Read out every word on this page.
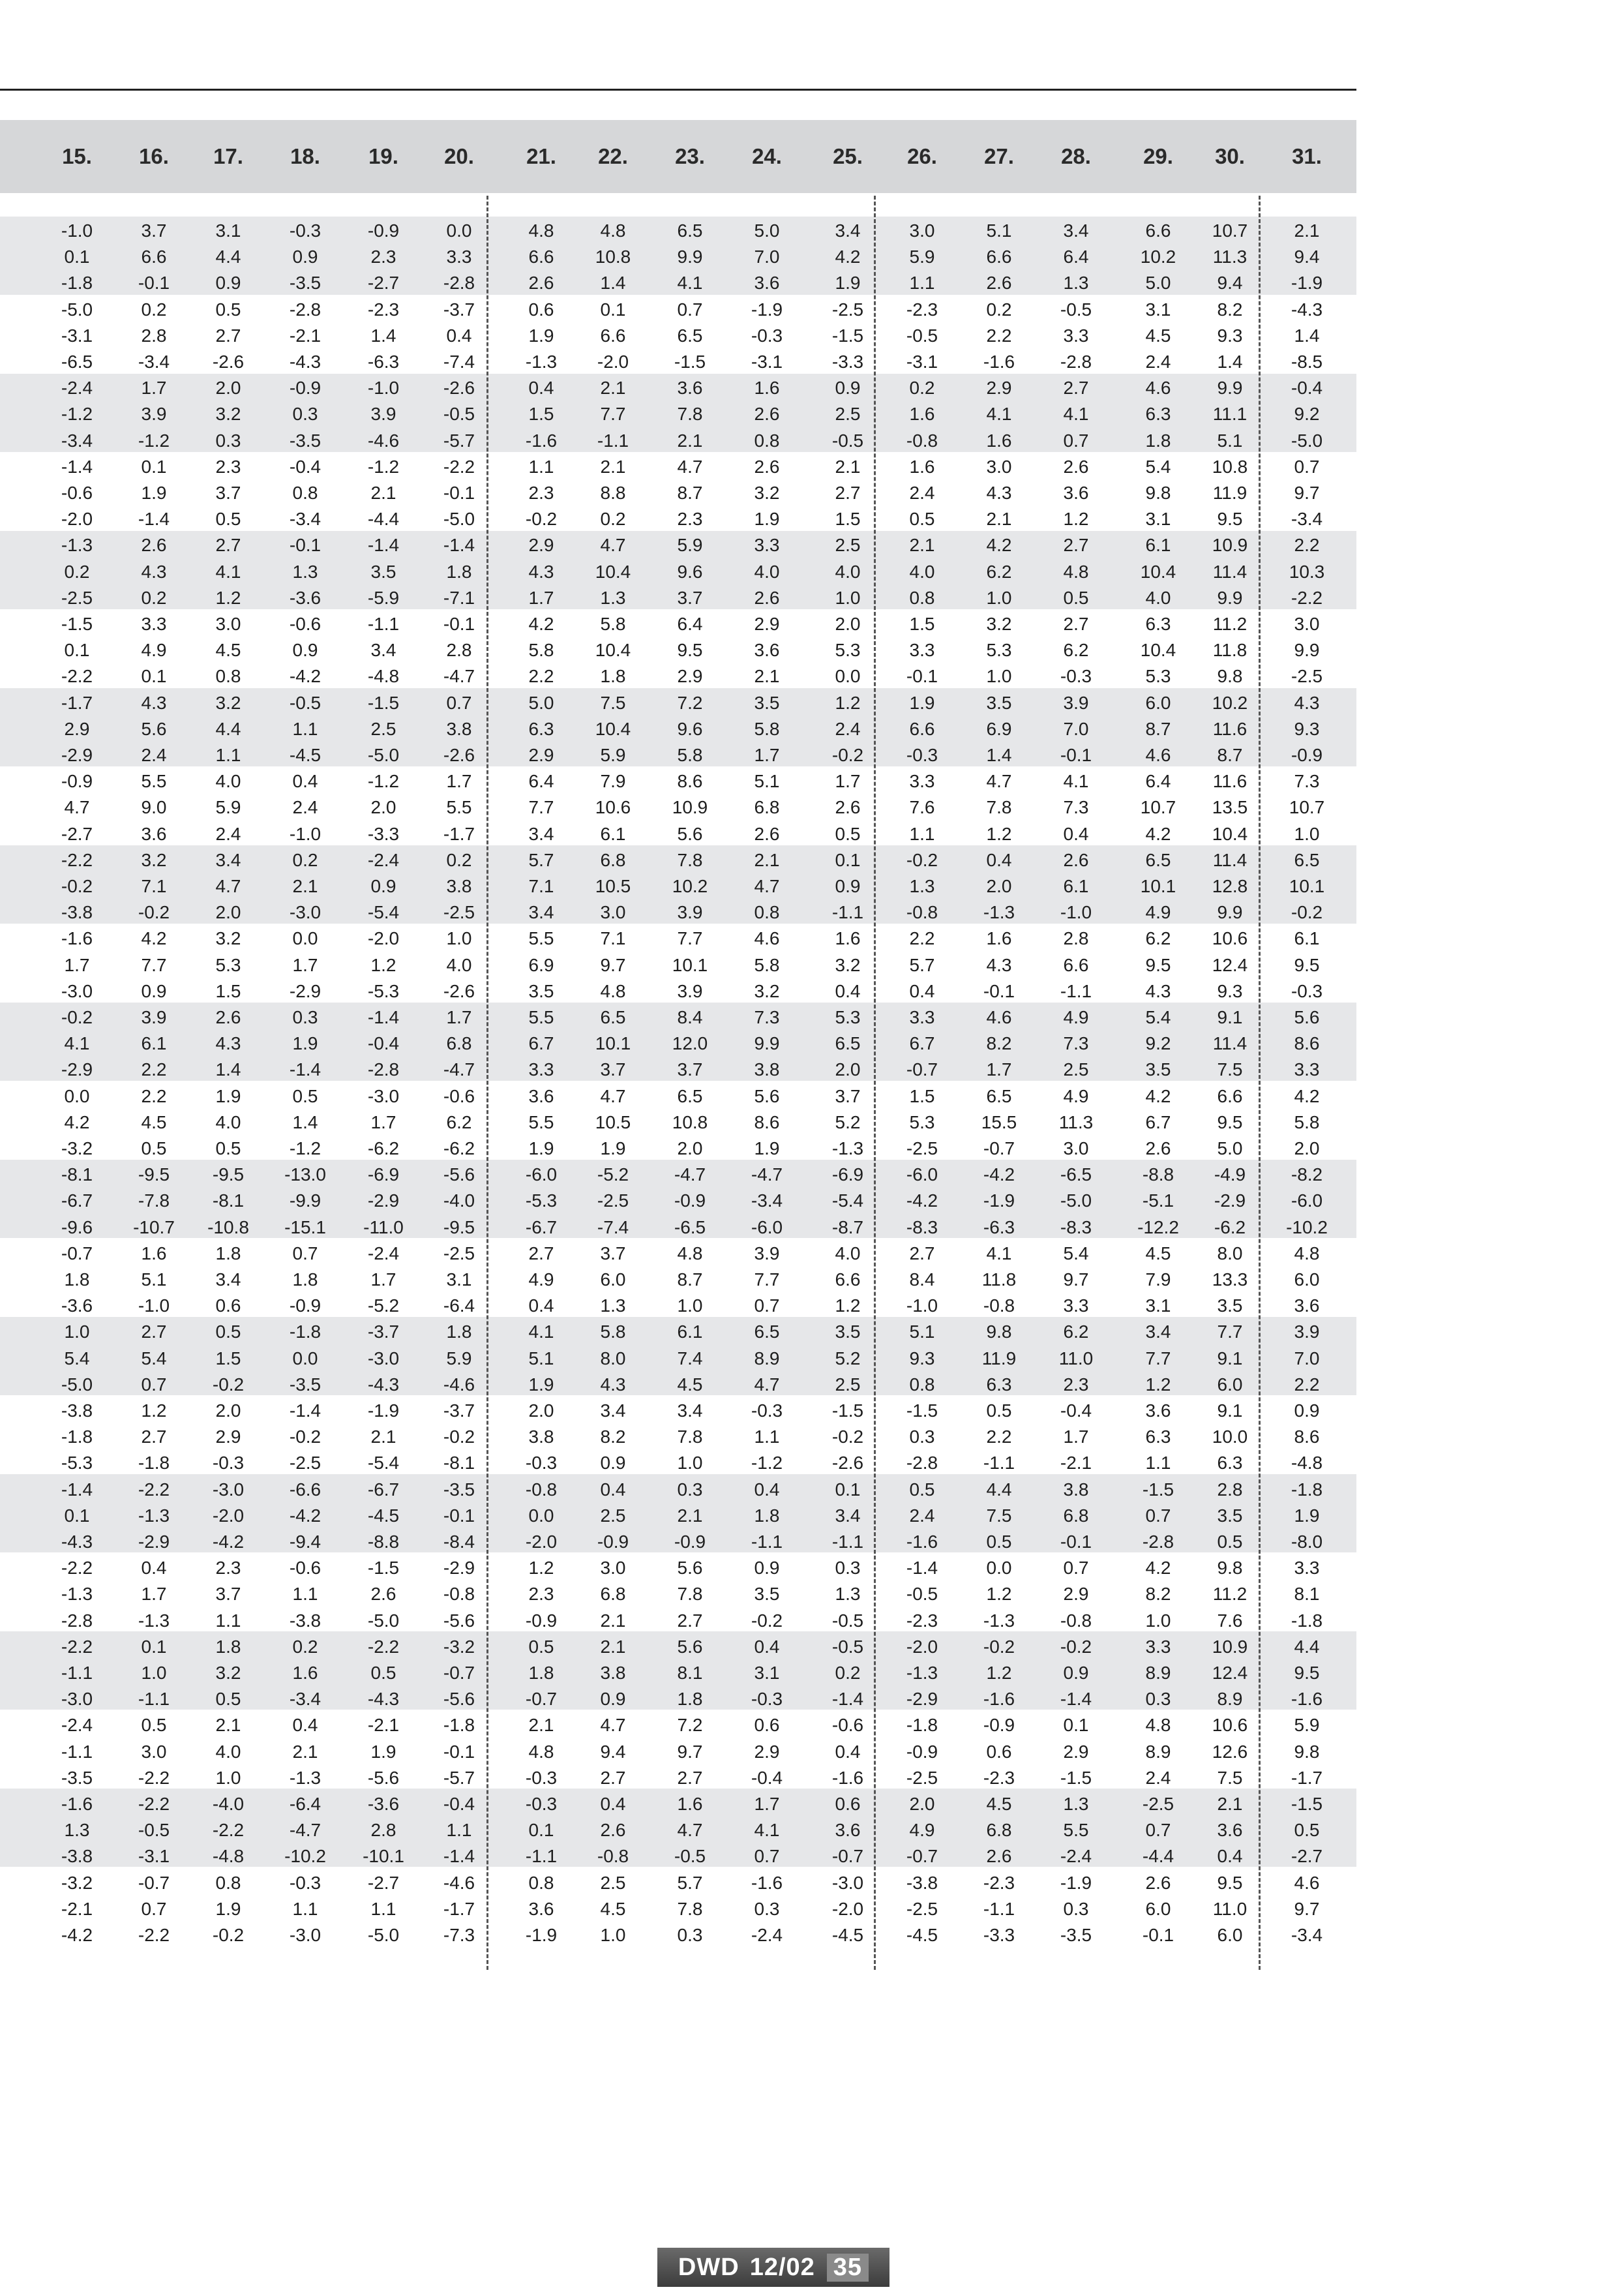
15.	16.	17.	18.	19.	20.	21.	22.	23.	24.	25.	26.	27.	28.	29.	30.	31.
-1.0	3.7	3.1	-0.3	-0.9	0.0	4.8	4.8	6.5	5.0	3.4	3.0	5.1	3.4	6.6	10.7	2.1
0.1	6.6	4.4	0.9	2.3	3.3	6.6	10.8	9.9	7.0	4.2	5.9	6.6	6.4	10.2	11.3	9.4
-1.8	-0.1	0.9	-3.5	-2.7	-2.8	2.6	1.4	4.1	3.6	1.9	1.1	2.6	1.3	5.0	9.4	-1.9
-5.0	0.2	0.5	-2.8	-2.3	-3.7	0.6	0.1	0.7	-1.9	-2.5	-2.3	0.2	-0.5	3.1	8.2	-4.3
-3.1	2.8	2.7	-2.1	1.4	0.4	1.9	6.6	6.5	-0.3	-1.5	-0.5	2.2	3.3	4.5	9.3	1.4
-6.5	-3.4	-2.6	-4.3	-6.3	-7.4	-1.3	-2.0	-1.5	-3.1	-3.3	-3.1	-1.6	-2.8	2.4	1.4	-8.5
-2.4	1.7	2.0	-0.9	-1.0	-2.6	0.4	2.1	3.6	1.6	0.9	0.2	2.9	2.7	4.6	9.9	-0.4
-1.2	3.9	3.2	0.3	3.9	-0.5	1.5	7.7	7.8	2.6	2.5	1.6	4.1	4.1	6.3	11.1	9.2
-3.4	-1.2	0.3	-3.5	-4.6	-5.7	-1.6	-1.1	2.1	0.8	-0.5	-0.8	1.6	0.7	1.8	5.1	-5.0
-1.4	0.1	2.3	-0.4	-1.2	-2.2	1.1	2.1	4.7	2.6	2.1	1.6	3.0	2.6	5.4	10.8	0.7
-0.6	1.9	3.7	0.8	2.1	-0.1	2.3	8.8	8.7	3.2	2.7	2.4	4.3	3.6	9.8	11.9	9.7
-2.0	-1.4	0.5	-3.4	-4.4	-5.0	-0.2	0.2	2.3	1.9	1.5	0.5	2.1	1.2	3.1	9.5	-3.4
-1.3	2.6	2.7	-0.1	-1.4	-1.4	2.9	4.7	5.9	3.3	2.5	2.1	4.2	2.7	6.1	10.9	2.2
0.2	4.3	4.1	1.3	3.5	1.8	4.3	10.4	9.6	4.0	4.0	4.0	6.2	4.8	10.4	11.4	10.3
-2.5	0.2	1.2	-3.6	-5.9	-7.1	1.7	1.3	3.7	2.6	1.0	0.8	1.0	0.5	4.0	9.9	-2.2
-1.5	3.3	3.0	-0.6	-1.1	-0.1	4.2	5.8	6.4	2.9	2.0	1.5	3.2	2.7	6.3	11.2	3.0
0.1	4.9	4.5	0.9	3.4	2.8	5.8	10.4	9.5	3.6	5.3	3.3	5.3	6.2	10.4	11.8	9.9
-2.2	0.1	0.8	-4.2	-4.8	-4.7	2.2	1.8	2.9	2.1	0.0	-0.1	1.0	-0.3	5.3	9.8	-2.5
-1.7	4.3	3.2	-0.5	-1.5	0.7	5.0	7.5	7.2	3.5	1.2	1.9	3.5	3.9	6.0	10.2	4.3
2.9	5.6	4.4	1.1	2.5	3.8	6.3	10.4	9.6	5.8	2.4	6.6	6.9	7.0	8.7	11.6	9.3
-2.9	2.4	1.1	-4.5	-5.0	-2.6	2.9	5.9	5.8	1.7	-0.2	-0.3	1.4	-0.1	4.6	8.7	-0.9
-0.9	5.5	4.0	0.4	-1.2	1.7	6.4	7.9	8.6	5.1	1.7	3.3	4.7	4.1	6.4	11.6	7.3
4.7	9.0	5.9	2.4	2.0	5.5	7.7	10.6	10.9	6.8	2.6	7.6	7.8	7.3	10.7	13.5	10.7
-2.7	3.6	2.4	-1.0	-3.3	-1.7	3.4	6.1	5.6	2.6	0.5	1.1	1.2	0.4	4.2	10.4	1.0
-2.2	3.2	3.4	0.2	-2.4	0.2	5.7	6.8	7.8	2.1	0.1	-0.2	0.4	2.6	6.5	11.4	6.5
-0.2	7.1	4.7	2.1	0.9	3.8	7.1	10.5	10.2	4.7	0.9	1.3	2.0	6.1	10.1	12.8	10.1
-3.8	-0.2	2.0	-3.0	-5.4	-2.5	3.4	3.0	3.9	0.8	-1.1	-0.8	-1.3	-1.0	4.9	9.9	-0.2
-1.6	4.2	3.2	0.0	-2.0	1.0	5.5	7.1	7.7	4.6	1.6	2.2	1.6	2.8	6.2	10.6	6.1
1.7	7.7	5.3	1.7	1.2	4.0	6.9	9.7	10.1	5.8	3.2	5.7	4.3	6.6	9.5	12.4	9.5
-3.0	0.9	1.5	-2.9	-5.3	-2.6	3.5	4.8	3.9	3.2	0.4	0.4	-0.1	-1.1	4.3	9.3	-0.3
-0.2	3.9	2.6	0.3	-1.4	1.7	5.5	6.5	8.4	7.3	5.3	3.3	4.6	4.9	5.4	9.1	5.6
4.1	6.1	4.3	1.9	-0.4	6.8	6.7	10.1	12.0	9.9	6.5	6.7	8.2	7.3	9.2	11.4	8.6
-2.9	2.2	1.4	-1.4	-2.8	-4.7	3.3	3.7	3.7	3.8	2.0	-0.7	1.7	2.5	3.5	7.5	3.3
0.0	2.2	1.9	0.5	-3.0	-0.6	3.6	4.7	6.5	5.6	3.7	1.5	6.5	4.9	4.2	6.6	4.2
4.2	4.5	4.0	1.4	1.7	6.2	5.5	10.5	10.8	8.6	5.2	5.3	15.5	11.3	6.7	9.5	5.8
-3.2	0.5	0.5	-1.2	-6.2	-6.2	1.9	1.9	2.0	1.9	-1.3	-2.5	-0.7	3.0	2.6	5.0	2.0
-8.1	-9.5	-9.5	-13.0	-6.9	-5.6	-6.0	-5.2	-4.7	-4.7	-6.9	-6.0	-4.2	-6.5	-8.8	-4.9	-8.2
-6.7	-7.8	-8.1	-9.9	-2.9	-4.0	-5.3	-2.5	-0.9	-3.4	-5.4	-4.2	-1.9	-5.0	-5.1	-2.9	-6.0
-9.6	-10.7	-10.8	-15.1	-11.0	-9.5	-6.7	-7.4	-6.5	-6.0	-8.7	-8.3	-6.3	-8.3	-12.2	-6.2	-10.2
-0.7	1.6	1.8	0.7	-2.4	-2.5	2.7	3.7	4.8	3.9	4.0	2.7	4.1	5.4	4.5	8.0	4.8
1.8	5.1	3.4	1.8	1.7	3.1	4.9	6.0	8.7	7.7	6.6	8.4	11.8	9.7	7.9	13.3	6.0
-3.6	-1.0	0.6	-0.9	-5.2	-6.4	0.4	1.3	1.0	0.7	1.2	-1.0	-0.8	3.3	3.1	3.5	3.6
1.0	2.7	0.5	-1.8	-3.7	1.8	4.1	5.8	6.1	6.5	3.5	5.1	9.8	6.2	3.4	7.7	3.9
5.4	5.4	1.5	0.0	-3.0	5.9	5.1	8.0	7.4	8.9	5.2	9.3	11.9	11.0	7.7	9.1	7.0
-5.0	0.7	-0.2	-3.5	-4.3	-4.6	1.9	4.3	4.5	4.7	2.5	0.8	6.3	2.3	1.2	6.0	2.2
-3.8	1.2	2.0	-1.4	-1.9	-3.7	2.0	3.4	3.4	-0.3	-1.5	-1.5	0.5	-0.4	3.6	9.1	0.9
-1.8	2.7	2.9	-0.2	2.1	-0.2	3.8	8.2	7.8	1.1	-0.2	0.3	2.2	1.7	6.3	10.0	8.6
-5.3	-1.8	-0.3	-2.5	-5.4	-8.1	-0.3	0.9	1.0	-1.2	-2.6	-2.8	-1.1	-2.1	1.1	6.3	-4.8
-1.4	-2.2	-3.0	-6.6	-6.7	-3.5	-0.8	0.4	0.3	0.4	0.1	0.5	4.4	3.8	-1.5	2.8	-1.8
0.1	-1.3	-2.0	-4.2	-4.5	-0.1	0.0	2.5	2.1	1.8	3.4	2.4	7.5	6.8	0.7	3.5	1.9
-4.3	-2.9	-4.2	-9.4	-8.8	-8.4	-2.0	-0.9	-0.9	-1.1	-1.1	-1.6	0.5	-0.1	-2.8	0.5	-8.0
-2.2	0.4	2.3	-0.6	-1.5	-2.9	1.2	3.0	5.6	0.9	0.3	-1.4	0.0	0.7	4.2	9.8	3.3
-1.3	1.7	3.7	1.1	2.6	-0.8	2.3	6.8	7.8	3.5	1.3	-0.5	1.2	2.9	8.2	11.2	8.1
-2.8	-1.3	1.1	-3.8	-5.0	-5.6	-0.9	2.1	2.7	-0.2	-0.5	-2.3	-1.3	-0.8	1.0	7.6	-1.8
-2.2	0.1	1.8	0.2	-2.2	-3.2	0.5	2.1	5.6	0.4	-0.5	-2.0	-0.2	-0.2	3.3	10.9	4.4
-1.1	1.0	3.2	1.6	0.5	-0.7	1.8	3.8	8.1	3.1	0.2	-1.3	1.2	0.9	8.9	12.4	9.5
-3.0	-1.1	0.5	-3.4	-4.3	-5.6	-0.7	0.9	1.8	-0.3	-1.4	-2.9	-1.6	-1.4	0.3	8.9	-1.6
-2.4	0.5	2.1	0.4	-2.1	-1.8	2.1	4.7	7.2	0.6	-0.6	-1.8	-0.9	0.1	4.8	10.6	5.9
-1.1	3.0	4.0	2.1	1.9	-0.1	4.8	9.4	9.7	2.9	0.4	-0.9	0.6	2.9	8.9	12.6	9.8
-3.5	-2.2	1.0	-1.3	-5.6	-5.7	-0.3	2.7	2.7	-0.4	-1.6	-2.5	-2.3	-1.5	2.4	7.5	-1.7
-1.6	-2.2	-4.0	-6.4	-3.6	-0.4	-0.3	0.4	1.6	1.7	0.6	2.0	4.5	1.3	-2.5	2.1	-1.5
1.3	-0.5	-2.2	-4.7	2.8	1.1	0.1	2.6	4.7	4.1	3.6	4.9	6.8	5.5	0.7	3.6	0.5
-3.8	-3.1	-4.8	-10.2	-10.1	-1.4	-1.1	-0.8	-0.5	0.7	-0.7	-0.7	2.6	-2.4	-4.4	0.4	-2.7
-3.2	-0.7	0.8	-0.3	-2.7	-4.6	0.8	2.5	5.7	-1.6	-3.0	-3.8	-2.3	-1.9	2.6	9.5	4.6
-2.1	0.7	1.9	1.1	1.1	-1.7	3.6	4.5	7.8	0.3	-2.0	-2.5	-1.1	0.3	6.0	11.0	9.7
-4.2	-2.2	-0.2	-3.0	-5.0	-7.3	-1.9	1.0	0.3	-2.4	-4.5	-4.5	-3.3	-3.5	-0.1	6.0	-3.4
DWD 12/02 35
